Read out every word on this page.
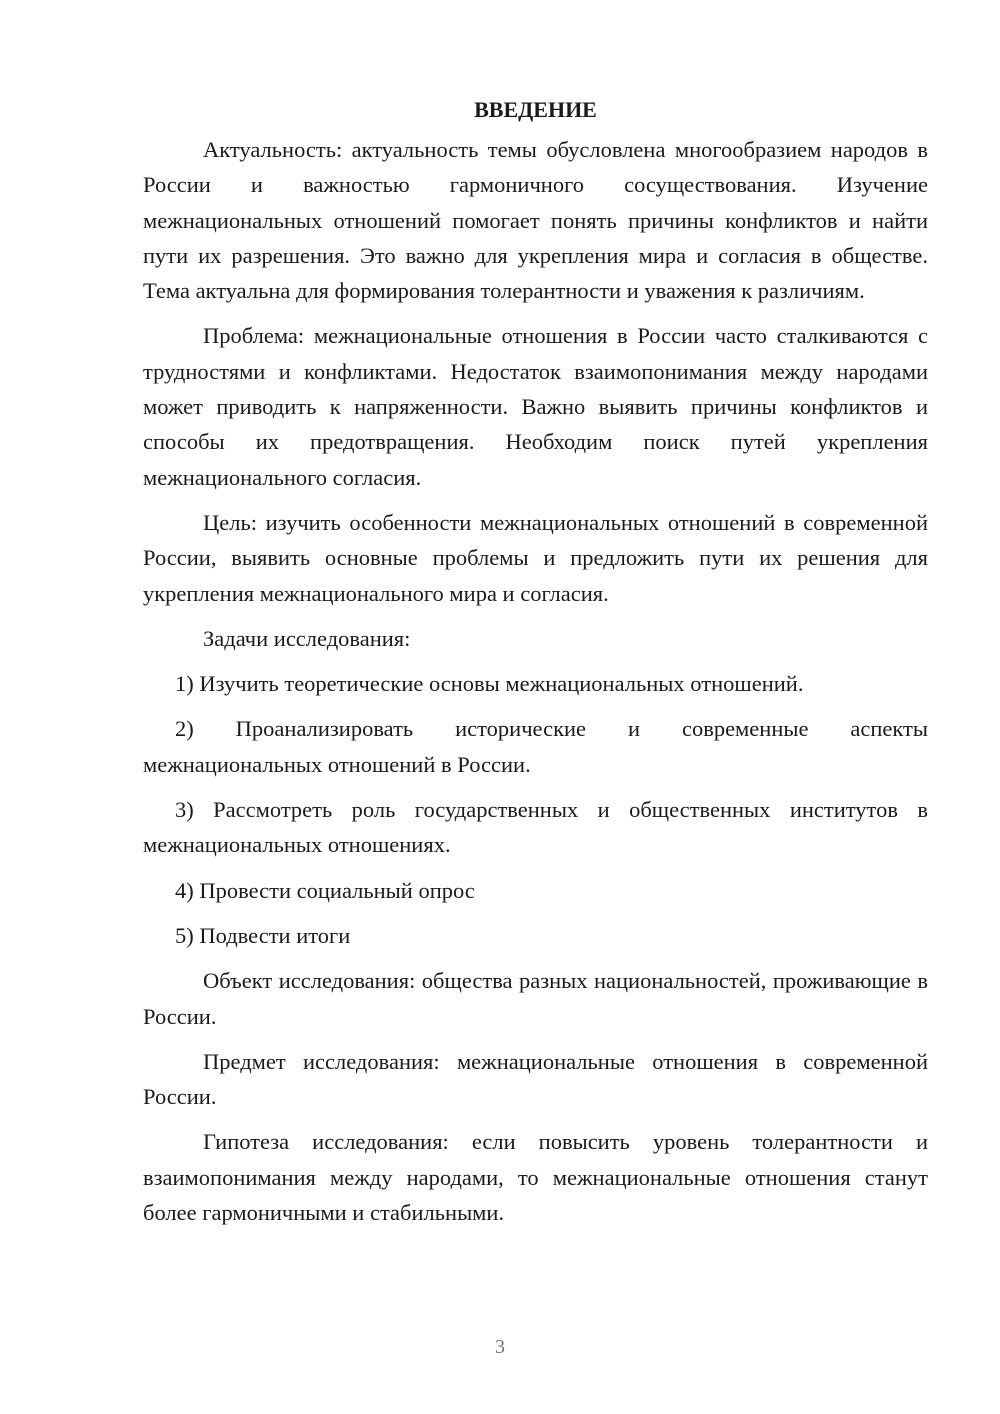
ВВЕДЕНИЕ

Актуальность: актуальность темы обусловлена многообразием народов в России и важностью гармоничного сосуществования. Изучение межнациональных отношений помогает понять причины конфликтов и найти пути их разрешения. Это важно для укрепления мира и согласия в обществе. Тема актуальна для формирования толерантности и уважения к различиям.

Проблема: межнациональные отношения в России часто сталкиваются с трудностями и конфликтами. Недостаток взаимопонимания между народами может приводить к напряженности. Важно выявить причины конфликтов и способы их предотвращения. Необходим поиск путей укрепления межнационального согласия.

Цель: изучить особенности межнациональных отношений в современной России, выявить основные проблемы и предложить пути их решения для укрепления межнационального мира и согласия.

Задачи исследования:

1) Изучить теоретические основы межнациональных отношений.

2) Проанализировать исторические и современные аспекты межнациональных отношений в России.

3) Рассмотреть роль государственных и общественных институтов в межнациональных отношениях.

4) Провести социальный опрос

5) Подвести итоги

Объект исследования: общества разных национальностей, проживающие в России.

Предмет исследования: межнациональные отношения в современной России.

Гипотеза исследования: если повысить уровень толерантности и взаимопонимания между народами, то межнациональные отношения станут более гармоничными и стабильными.

3
